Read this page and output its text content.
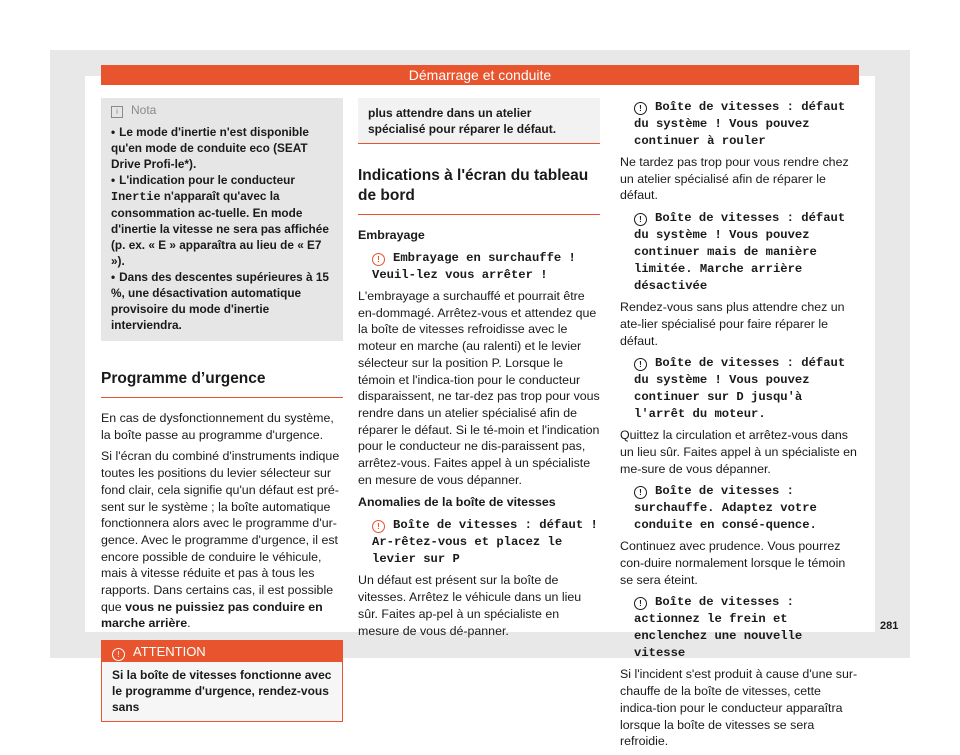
Démarrage et conduite
i Nota
• Le mode d'inertie n'est disponible qu'en mode de conduite eco (SEAT Drive Profi-le*).
• L'indication pour le conducteur Inertie n'apparaît qu'avec la consommation ac-tuelle. En mode d'inertie la vitesse ne sera pas affichée (p. ex. « E » apparaîtra au lieu de « E7 »).
• Dans des descentes supérieures à 15 %, une désactivation automatique provisoire du mode d'inertie interviendra.
Programme d’urgence

En cas de dysfonctionnement du système, la boîte passe au programme d'urgence.

Si l'écran du combiné d'instruments indique toutes les positions du levier sélecteur sur fond clair, cela signifie qu'un défaut est pré-sent sur le système ; la boîte automatique fonctionnera alors avec le programme d'ur-gence. Avec le programme d'urgence, il est encore possible de conduire le véhicule, mais à vitesse réduite et pas à tous les rapports. Dans certains cas, il est possible que vous ne puissiez pas conduire en marche arrière.

! ATTENTION
Si la boîte de vitesses fonctionne avec le programme d'urgence, rendez-vous sans
plus attendre dans un atelier spécialisé pour réparer le défaut.
Indications à l'écran du tableau de bord
Embrayage

! Embrayage en surchauffe ! Veuil-lez vous arrêter !

L'embrayage a surchauffé et pourrait être en-dommagé. Arrêtez-vous et attendez que la boîte de vitesses refroidisse avec le moteur en marche (au ralenti) et le levier sélecteur sur la position P. Lorsque le témoin et l'indica-tion pour le conducteur disparaissent, ne tar-dez pas trop pour vous rendre dans un atelier spécialisé afin de réparer le défaut. Si le té-moin et l'indication pour le conducteur ne dis-paraissent pas, arrêtez-vous. Faites appel à un spécialiste en mesure de vous dépanner.

Anomalies de la boîte de vitesses

! Boîte de vitesses : défaut ! Ar-rêtez-vous et placez le levier sur P

Un défaut est présent sur la boîte de vitesses. Arrêtez le véhicule dans un lieu sûr. Faites ap-pel à un spécialiste en mesure de vous dé-panner.

! Boîte de vitesses : défaut du système ! Vous pouvez continuer à rouler

Ne tardez pas trop pour vous rendre chez un atelier spécialisé afin de réparer le défaut.

! Boîte de vitesses : défaut du système ! Vous pouvez continuer mais de manière limitée. Marche arrière désactivée

Rendez-vous sans plus attendre chez un ate-lier spécialisé pour faire réparer le défaut.

! Boîte de vitesses : défaut du système ! Vous pouvez continuer sur D jusqu'à l'arrêt du moteur.

Quittez la circulation et arrêtez-vous dans un lieu sûr. Faites appel à un spécialiste en me-sure de vous dépanner.

! Boîte de vitesses : surchauffe. Adaptez votre conduite en consé-quence.

Continuez avec prudence. Vous pourrez con-duire normalement lorsque le témoin se sera éteint.

! Boîte de vitesses : actionnez le frein et enclenchez une nouvelle vitesse

Si l'incident s'est produit à cause d'une sur-chauffe de la boîte de vitesses, cette indica-tion pour le conducteur apparaîtra lorsque la boîte de vitesses se sera refroidie.

281
